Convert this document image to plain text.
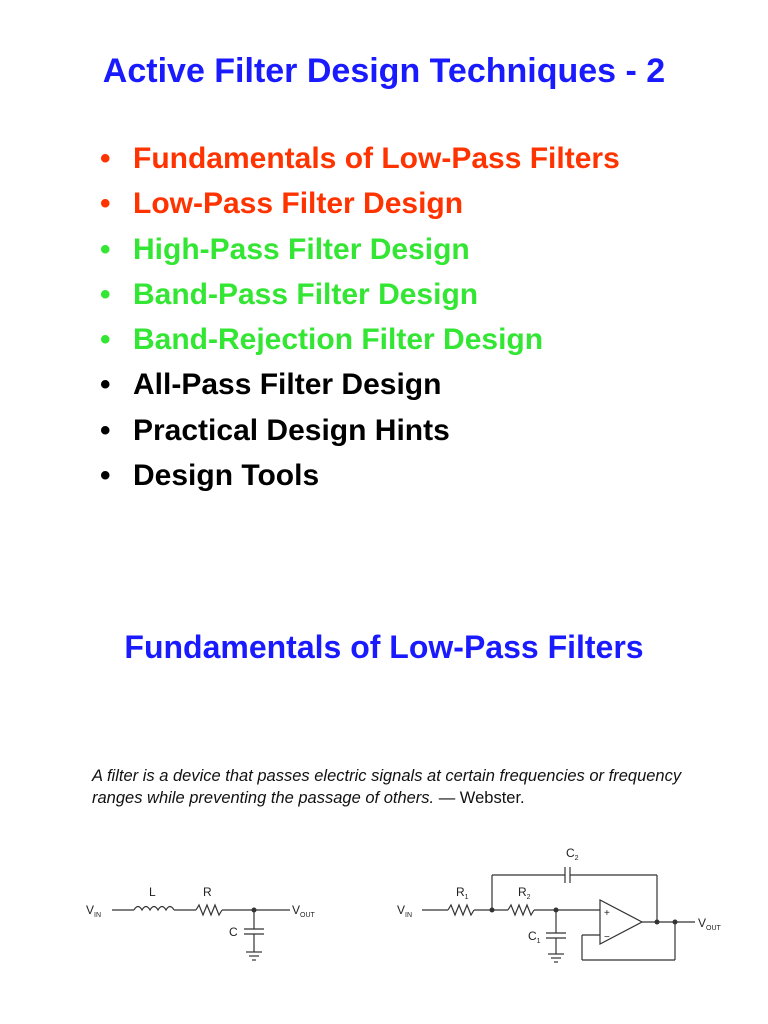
Active Filter Design Techniques - 2
• Fundamentals of Low-Pass Filters
• Low-Pass Filter Design
• High-Pass Filter Design
• Band-Pass Filter Design
• Band-Rejection Filter Design
• All-Pass Filter Design
• Practical Design Hints
• Design Tools
Fundamentals of Low-Pass Filters

A filter is a device that passes electric signals at certain frequencies or frequency ranges while preventing the passage of others. — Webster.

$V_{IN}$
L	R
C
$V_{OUT}$	$V_{IN}$
$R_1$	$R_2$
$C_2$
$C_1$
+
−
$V_{OUT}$
